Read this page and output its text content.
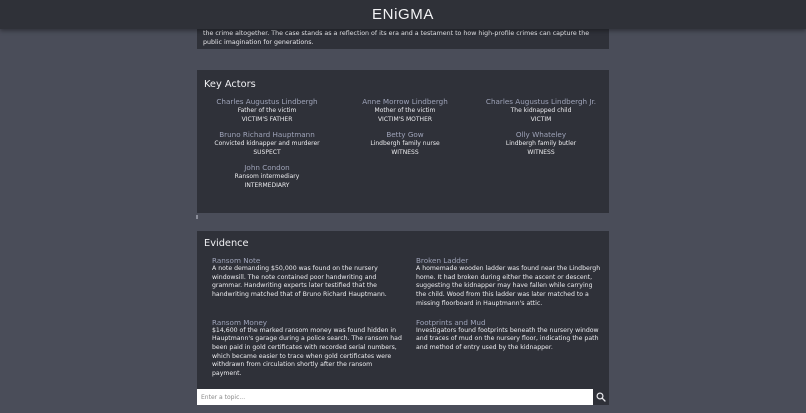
ENiGMA

the crime altogether. The case stands as a reflection of its era and a testament to how high-profile crimes can capture the public imagination for generations.

Key Actors
Charles Augustus Lindbergh
Father of the victim
VICTIM'S FATHER
Anne Morrow Lindbergh
Mother of the victim
VICTIM'S MOTHER
Charles Augustus Lindbergh Jr.
The kidnapped child
VICTIM
Bruno Richard Hauptmann
Convicted kidnapper and murderer
SUSPECT
Betty Gow
Lindbergh family nurse
WITNESS
Olly Whateley
Lindbergh family butler
WITNESS
John Condon
Ransom intermediary
INTERMEDIARY
Evidence
Ransom Note
A note demanding $50,000 was found on the nursery windowsill. The note contained poor handwriting and grammar. Handwriting experts later testified that the handwriting matched that of Bruno Richard Hauptmann.
Broken Ladder
A homemade wooden ladder was found near the Lindbergh home. It had broken during either the ascent or descent, suggesting the kidnapper may have fallen while carrying the child. Wood from this ladder was later matched to a missing floorboard in Hauptmann's attic.
Ransom Money
$14,600 of the marked ransom money was found hidden in Hauptmann's garage during a police search. The ransom had been paid in gold certificates with recorded serial numbers, which became easier to trace when gold certificates were withdrawn from circulation shortly after the ransom payment.
Footprints and Mud
Investigators found footprints beneath the nursery window and traces of mud on the nursery floor, indicating the path and method of entry used by the kidnapper.
Enter a topic...
